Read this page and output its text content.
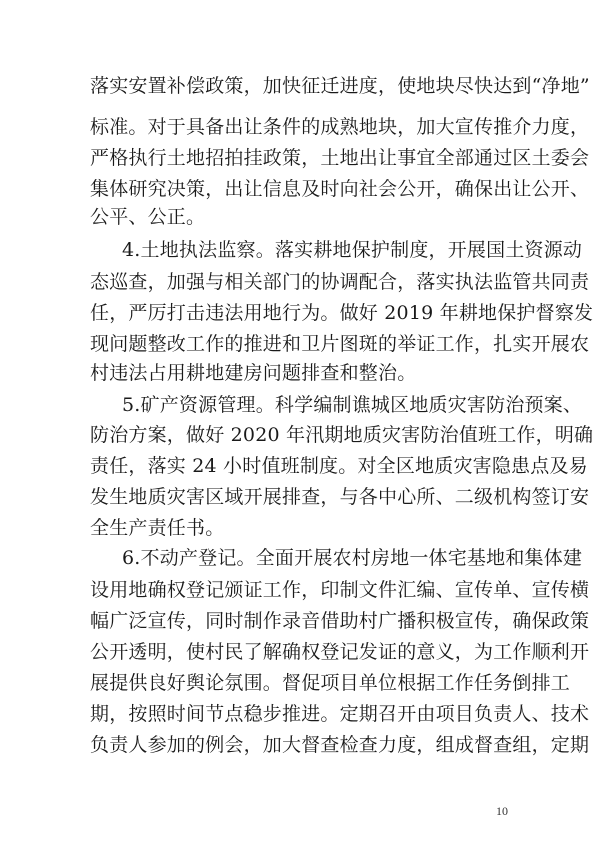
落实安置补偿政策，加快征迁进度，使地块尽快达到“净地”
标准。对于具备出让条件的成熟地块，加大宣传推介力度，
严格执行土地招拍挂政策，土地出让事宜全部通过区土委会
集体研究决策，出让信息及时向社会公开，确保出让公开、
公平、公正。
4.土地执法监察。落实耕地保护制度，开展国土资源动
态巡查，加强与相关部门的协调配合，落实执法监管共同责
任，严厉打击违法用地行为。做好 2019 年耕地保护督察发
现问题整改工作的推进和卫片图斑的举证工作，扎实开展农
村违法占用耕地建房问题排查和整治。
5.矿产资源管理。科学编制谯城区地质灾害防治预案、
防治方案，做好 2020 年汛期地质灾害防治值班工作，明确
责任，落实 24 小时值班制度。对全区地质灾害隐患点及易
发生地质灾害区域开展排查，与各中心所、二级机构签订安
全生产责任书。
6.不动产登记。全面开展农村房地一体宅基地和集体建
设用地确权登记颁证工作，印制文件汇编、宣传单、宣传横
幅广泛宣传，同时制作录音借助村广播积极宣传，确保政策
公开透明，使村民了解确权登记发证的意义，为工作顺利开
展提供良好舆论氛围。督促项目单位根据工作任务倒排工
期，按照时间节点稳步推进。定期召开由项目负责人、技术
负责人参加的例会，加大督查检查力度，组成督查组，定期
10
